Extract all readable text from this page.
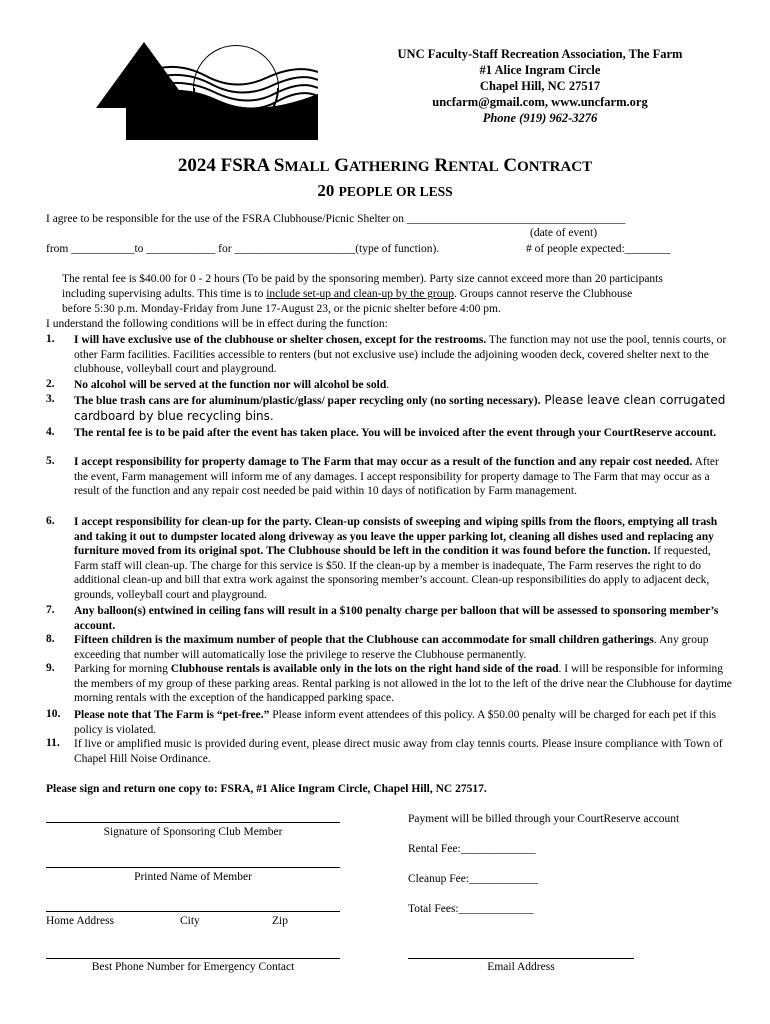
UNC Faculty-Staff Recreation Association, The Farm
#1 Alice Ingram Circle
Chapel Hill, NC 27517
uncfarm@gmail.com, www.uncfarm.org
Phone (919) 962-3276
2024 FSRA SMALL GATHERING RENTAL CONTRACT
20 PEOPLE OR LESS
I agree to be responsible for the use of the FSRA Clubhouse/Picnic Shelter on ______________________________________
(date of event)
from ___________to ____________ for _____________________(type of function).	# of people expected:________
The rental fee is $40.00 for 0 - 2 hours (To be paid by the sponsoring member). Party size cannot exceed more than 20 participants
including supervising adults. This time is to include set-up and clean-up by the group. Groups cannot reserve the Clubhouse
before 5:30 p.m. Monday-Friday from June 17-August 23, or the picnic shelter before 4:00 pm.
I understand the following conditions will be in effect during the function:
1. I will have exclusive use of the clubhouse or shelter chosen, except for the restrooms. The function may not use the pool, tennis courts, or other Farm facilities. Facilities accessible to renters (but not exclusive use) include the adjoining wooden deck, covered shelter next to the clubhouse, volleyball court and playground.
2. No alcohol will be served at the function nor will alcohol be sold.
3. The blue trash cans are for aluminum/plastic/glass/ paper recycling only (no sorting necessary). Please leave clean corrugated cardboard by blue recycling bins.
4. The rental fee is to be paid after the event has taken place. You will be invoiced after the event through your CourtReserve account.
5. I accept responsibility for property damage to The Farm that may occur as a result of the function and any repair cost needed. After the event, Farm management will inform me of any damages. I accept responsibility for property damage to The Farm that may occur as a result of the function and any repair cost needed be paid within 10 days of notification by Farm management.
6. I accept responsibility for clean-up for the party. Clean-up consists of sweeping and wiping spills from the floors, emptying all trash and taking it out to dumpster located along driveway as you leave the upper parking lot, cleaning all dishes used and replacing any furniture moved from its original spot. The Clubhouse should be left in the condition it was found before the function. If requested, Farm staff will clean-up. The charge for this service is $50. If the clean-up by a member is inadequate, The Farm reserves the right to do additional clean-up and bill that extra work against the sponsoring member’s account. Clean-up responsibilities do apply to adjacent deck, grounds, volleyball court and playground.
7. Any balloon(s) entwined in ceiling fans will result in a $100 penalty charge per balloon that will be assessed to sponsoring member’s account.
8. Fifteen children is the maximum number of people that the Clubhouse can accommodate for small children gatherings. Any group exceeding that number will automatically lose the privilege to reserve the Clubhouse permanently.
9. Parking for morning Clubhouse rentals is available only in the lots on the right hand side of the road. I will be responsible for informing the members of my group of these parking areas. Rental parking is not allowed in the lot to the left of the drive near the Clubhouse for daytime morning rentals with the exception of the handicapped parking space.
10. Please note that The Farm is “pet-free.” Please inform event attendees of this policy. A $50.00 penalty will be charged for each pet if this policy is violated.
11. If live or amplified music is provided during event, please direct music away from clay tennis courts. Please insure compliance with Town of Chapel Hill Noise Ordinance.
Please sign and return one copy to: FSRA, #1 Alice Ingram Circle, Chapel Hill, NC 27517.
Signature of Sponsoring Club Member
Printed Name of Member
Home Address	City	Zip
Best Phone Number for Emergency Contact
Payment will be billed through your CourtReserve account
Rental Fee:_____________
Cleanup Fee:____________
Total Fees:_____________
Email Address
